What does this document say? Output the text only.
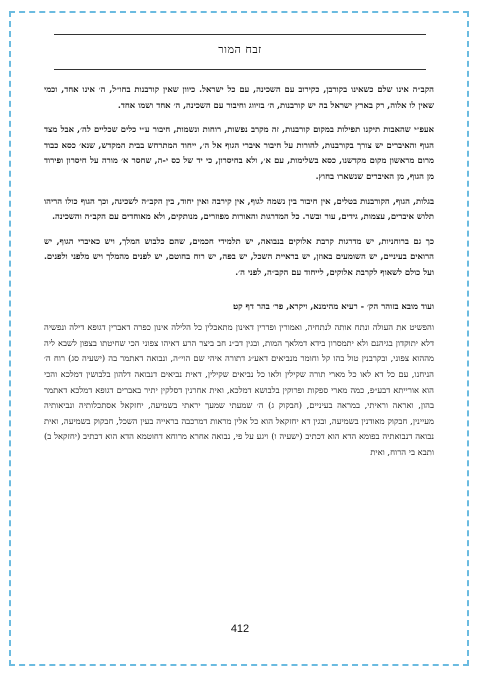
זבח המור

הקב״ה אינו שלם כשאינו בקורבן, כקירוב עם השכינה, עם כל ישראל. כיוון שאין קורבנות בחו״ל, ה׳ אינו אחד, וכמי שאין לו אלוה, רק בארץ ישראל בה יש קורבנות, ה׳ בזיווג וחיבור עם השכינה, ה׳ אחד ושמו אחד.

אעפ״י שהאבות תיקנו תפילות במקום קורבנות, זה מקרב נפשות, רוחות ונשמות, חיבור ע״י כלים שכליים לה׳, אבל מצד הגוף והאיברים יש צורך בקורבנות, להורות על חיבור איברי הגוף אל ה׳, ייחוד המתרחש בבית המקדש, שנא׳ כסא כבוד מרום מראשון מקום מקדשנו, כסא בשלימות, עם א׳, ולא בחיסרון, כי יד של כס י-ה, שחסר א׳ מורה על חיסרון ופירוד מן הגוף, מן האיברים שנשארו בחוץ.

בגלות, הגוף, הקורבנות בטלים, אין חיבור בין נשמה לגוף, אין קירבה ואין יחוד, בין הקב״ה לשכינה, וכך הגוף כולו הריהו תלוש איברים, עצמות, גידים, עור ובשר. כל המדרגות והאורות מפוזרים, מנותקים, ולא מאוחדים עם הקב״ה והשכינה.

כך גם ברוחניות, יש מדרגות קרבת אלוקים בנבואה, יש תלמידי חכמים, שהם כלבוש המלך, ויש כאיברי הגוף, יש הרואים בעיניים, יש השומעים באוזן, יש בראיית השכל, יש בפה, יש רוח בחוטם, יש לפנים מהמלך ויש מלפני ולפנים. ועל כולם לשאוף לקרבת אלוקים, לייחוד עם הקב״ה, לפני ה׳.

ועוד מובא בזוהר הק׳ - רעיא מהימנא, ויקרא, פר׳ בהר דף קט׃

והפשיט את העולה ונתח אותה לנתחיה, ואמורין ופדרין דאינון מתאכלין כל הלילה אינון כפרה דאברין דגופא דילה ונפשיה דלא יתוקדון בגיהנם ולא יתמסרון בידא דמלאך המות, ובגין דב״נ חב ביצר הרע דאיהו צפוני הכי שחיטתו בצפון לשבא ליה מההוא צפוני, ובקרבנין טול בהו קל וחומר מנביאים דאע״ג דתורה איהי שם הוי״ה, ונבואה דאתמר בה (ישעיה סג) רוח ה׳ הניחנו, עם כל דא לאו כל מארי תורה שקילין ולאו כל נביאים שקילין, דאית נביאים דנבואה דלהון בלבושין דמלכא והכי הוא אורייתא דבע״פ, כמה מארי ספקות ופרוקין בלבושא דמלכא, ואית אחרנין דסלקין יתיר באברים דגופא דמלכא דאתמר בהון, ואראה וראיתי, במראה בעיניים, (חבקוק ג) ה׳ שמעתי שמעך יראתי בשמיעה, יחזקאל אסתכלותיה ונביאותיה מעיינין, חבקוק מאודנין בשמיעה, ובגין דא יחזקאל הוא כל אלין מראות דמרכבה בראייה בעין השכל, חבקוק בשמיעה, ואית נבואה דנבואתיה בפומא הדא הוא דכתיב (ישעיה ו) ויגע על פי, נבואה אחרא מרוחא דחוטמא הדא הוא דכתיב (יחזקאל ב) ותבא בי הרוח, ואית

412
